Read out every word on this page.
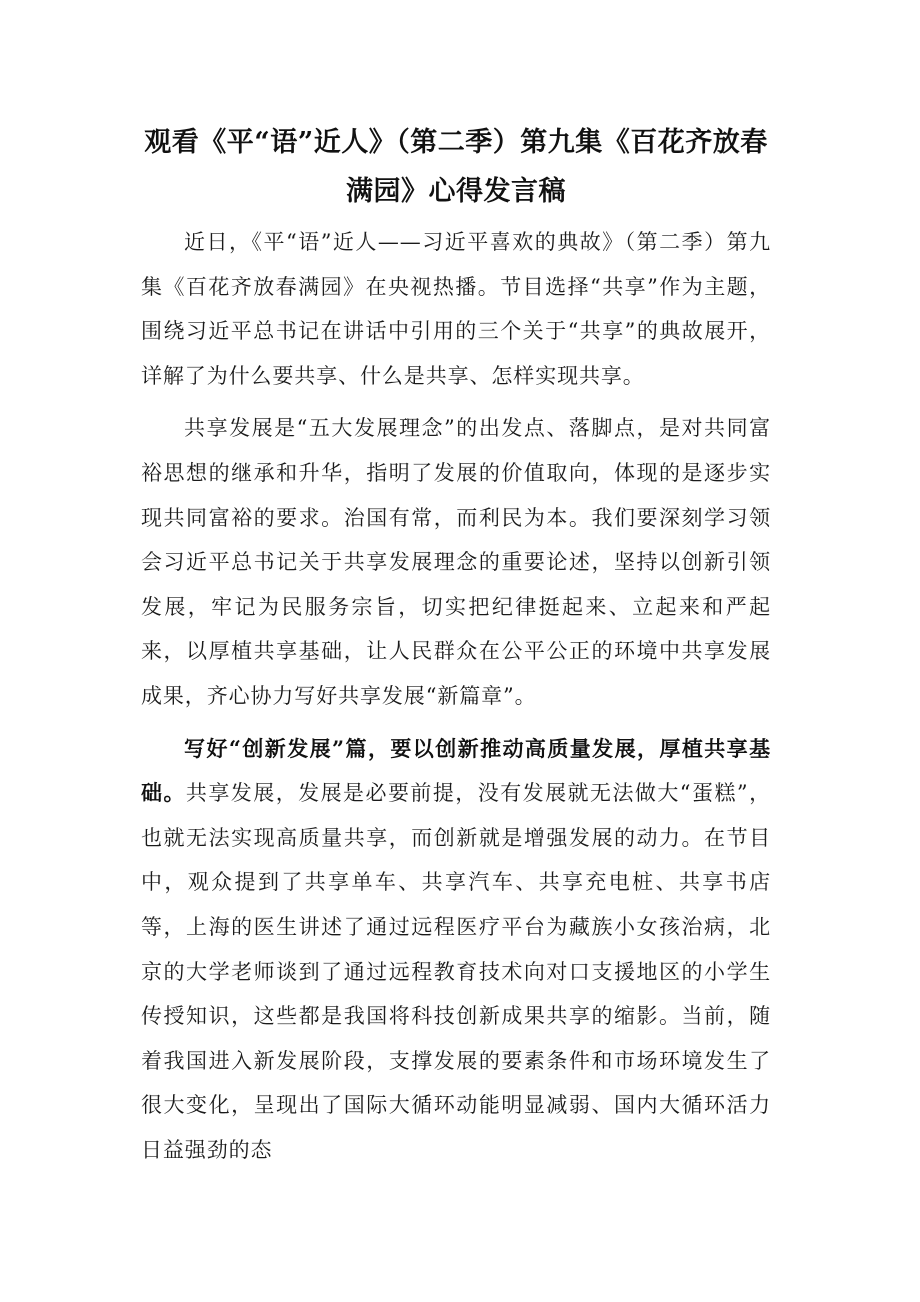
观看《平“语”近人》（第二季）第九集《百花齐放春满园》心得发言稿

近日，《平“语”近人——习近平喜欢的典故》（第二季）第九集《百花齐放春满园》在央视热播。节目选择“共享”作为主题，围绕习近平总书记在讲话中引用的三个关于“共享”的典故展开，详解了为什么要共享、什么是共享、怎样实现共享。

共享发展是“五大发展理念”的出发点、落脚点，是对共同富裕思想的继承和升华，指明了发展的价值取向，体现的是逐步实现共同富裕的要求。治国有常，而利民为本。我们要深刻学习领会习近平总书记关于共享发展理念的重要论述，坚持以创新引领发展，牢记为民服务宗旨，切实把纪律挺起来、立起来和严起来，以厚植共享基础，让人民群众在公平公正的环境中共享发展成果，齐心协力写好共享发展“新篇章”。

写好“创新发展”篇，要以创新推动高质量发展，厚植共享基础。共享发展，发展是必要前提，没有发展就无法做大“蛋糕”，也就无法实现高质量共享，而创新就是增强发展的动力。在节目中，观众提到了共享单车、共享汽车、共享充电桩、共享书店等，上海的医生讲述了通过远程医疗平台为藏族小女孩治病，北京的大学老师谈到了通过远程教育技术向对口支援地区的小学生传授知识，这些都是我国将科技创新成果共享的缩影。当前，随着我国进入新发展阶段，支撑发展的要素条件和市场环境发生了很大变化，呈现出了国际大循环动能明显减弱、国内大循环活力日益强劲的态
